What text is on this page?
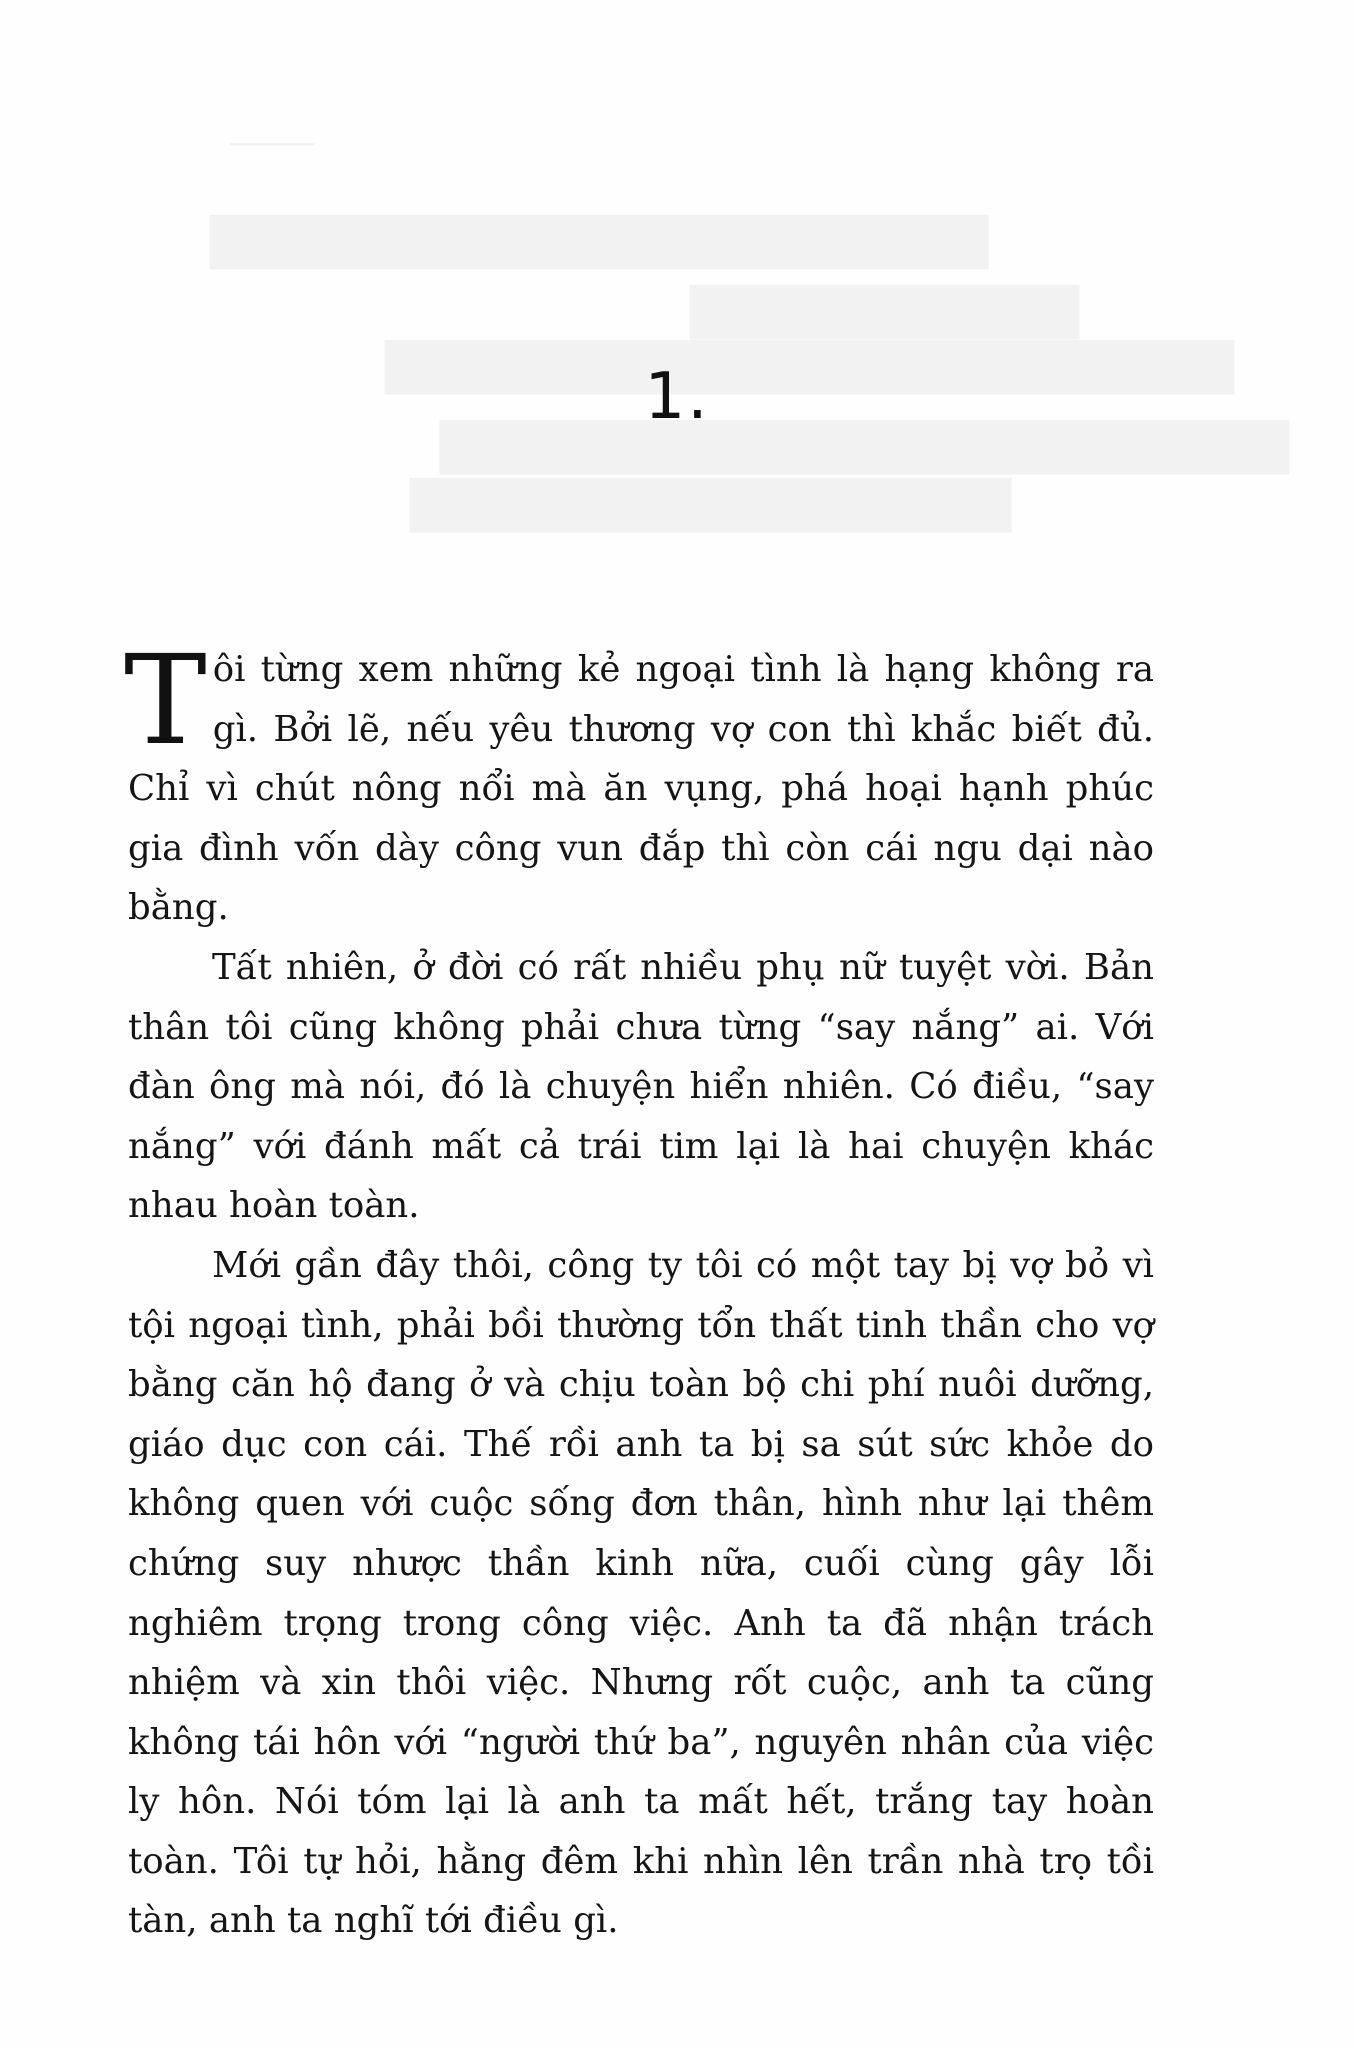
1.

Tôi từng xem những kẻ ngoại tình là hạng không ra gì. Bởi lẽ, nếu yêu thương vợ con thì khắc biết đủ. Chỉ vì chút nông nổi mà ăn vụng, phá hoại hạnh phúc gia đình vốn dày công vun đắp thì còn cái ngu dại nào bằng.

Tất nhiên, ở đời có rất nhiều phụ nữ tuyệt vời. Bản thân tôi cũng không phải chưa từng “say nắng” ai. Với đàn ông mà nói, đó là chuyện hiển nhiên. Có điều, “say nắng” với đánh mất cả trái tim lại là hai chuyện khác nhau hoàn toàn.

Mới gần đây thôi, công ty tôi có một tay bị vợ bỏ vì tội ngoại tình, phải bồi thường tổn thất tinh thần cho vợ bằng căn hộ đang ở và chịu toàn bộ chi phí nuôi dưỡng, giáo dục con cái. Thế rồi anh ta bị sa sút sức khỏe do không quen với cuộc sống đơn thân, hình như lại thêm chứng suy nhược thần kinh nữa, cuối cùng gây lỗi nghiêm trọng trong công việc. Anh ta đã nhận trách nhiệm và xin thôi việc. Nhưng rốt cuộc, anh ta cũng không tái hôn với “người thứ ba”, nguyên nhân của việc ly hôn. Nói tóm lại là anh ta mất hết, trắng tay hoàn toàn. Tôi tự hỏi, hằng đêm khi nhìn lên trần nhà trọ tồi tàn, anh ta nghĩ tới điều gì.
